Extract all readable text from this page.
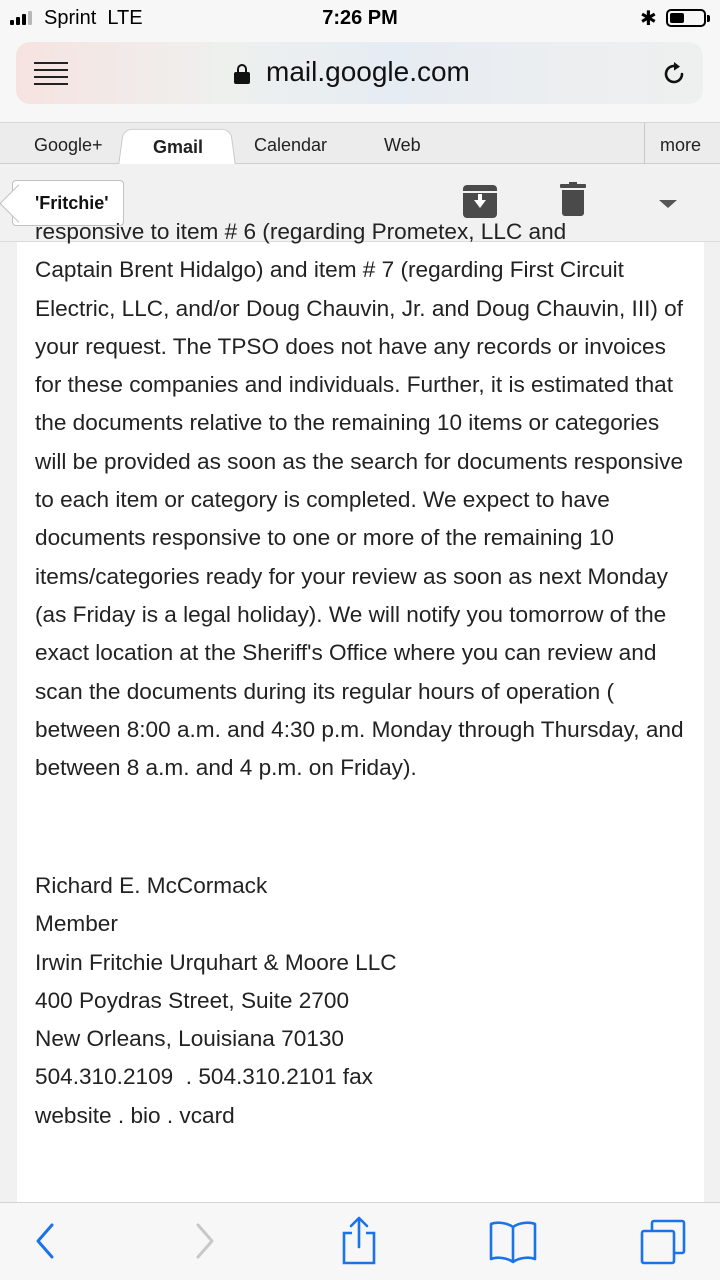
Sprint LTE	7:26 PM	✱
mail.google.com
Google+	Gmail	Calendar	Web	more
'Fritchie'

responsive to item # 6 (regarding Prometex, LLC and

Captain Brent Hidalgo) and item # 7 (regarding First Circuit Electric, LLC, and/or Doug Chauvin, Jr. and Doug Chauvin, III) of your request. The TPSO does not have any records or invoices for these companies and individuals. Further, it is estimated that the documents relative to the remaining 10 items or categories will be provided as soon as the search for documents responsive to each item or category is completed. We expect to have documents responsive to one or more of the remaining 10 items/categories ready for your review as soon as next Monday (as Friday is a legal holiday). We will notify you tomorrow of the exact location at the Sheriff's Office where you can review and scan the documents during its regular hours of operation ( between 8:00 a.m. and 4:30 p.m. Monday through Thursday, and between 8 a.m. and 4 p.m. on Friday).

Richard E. McCormack
Member
Irwin Fritchie Urquhart & Moore LLC
400 Poydras Street, Suite 2700
New Orleans, Louisiana 70130
504.310.2109  . 504.310.2101 fax
website . bio . vcard
